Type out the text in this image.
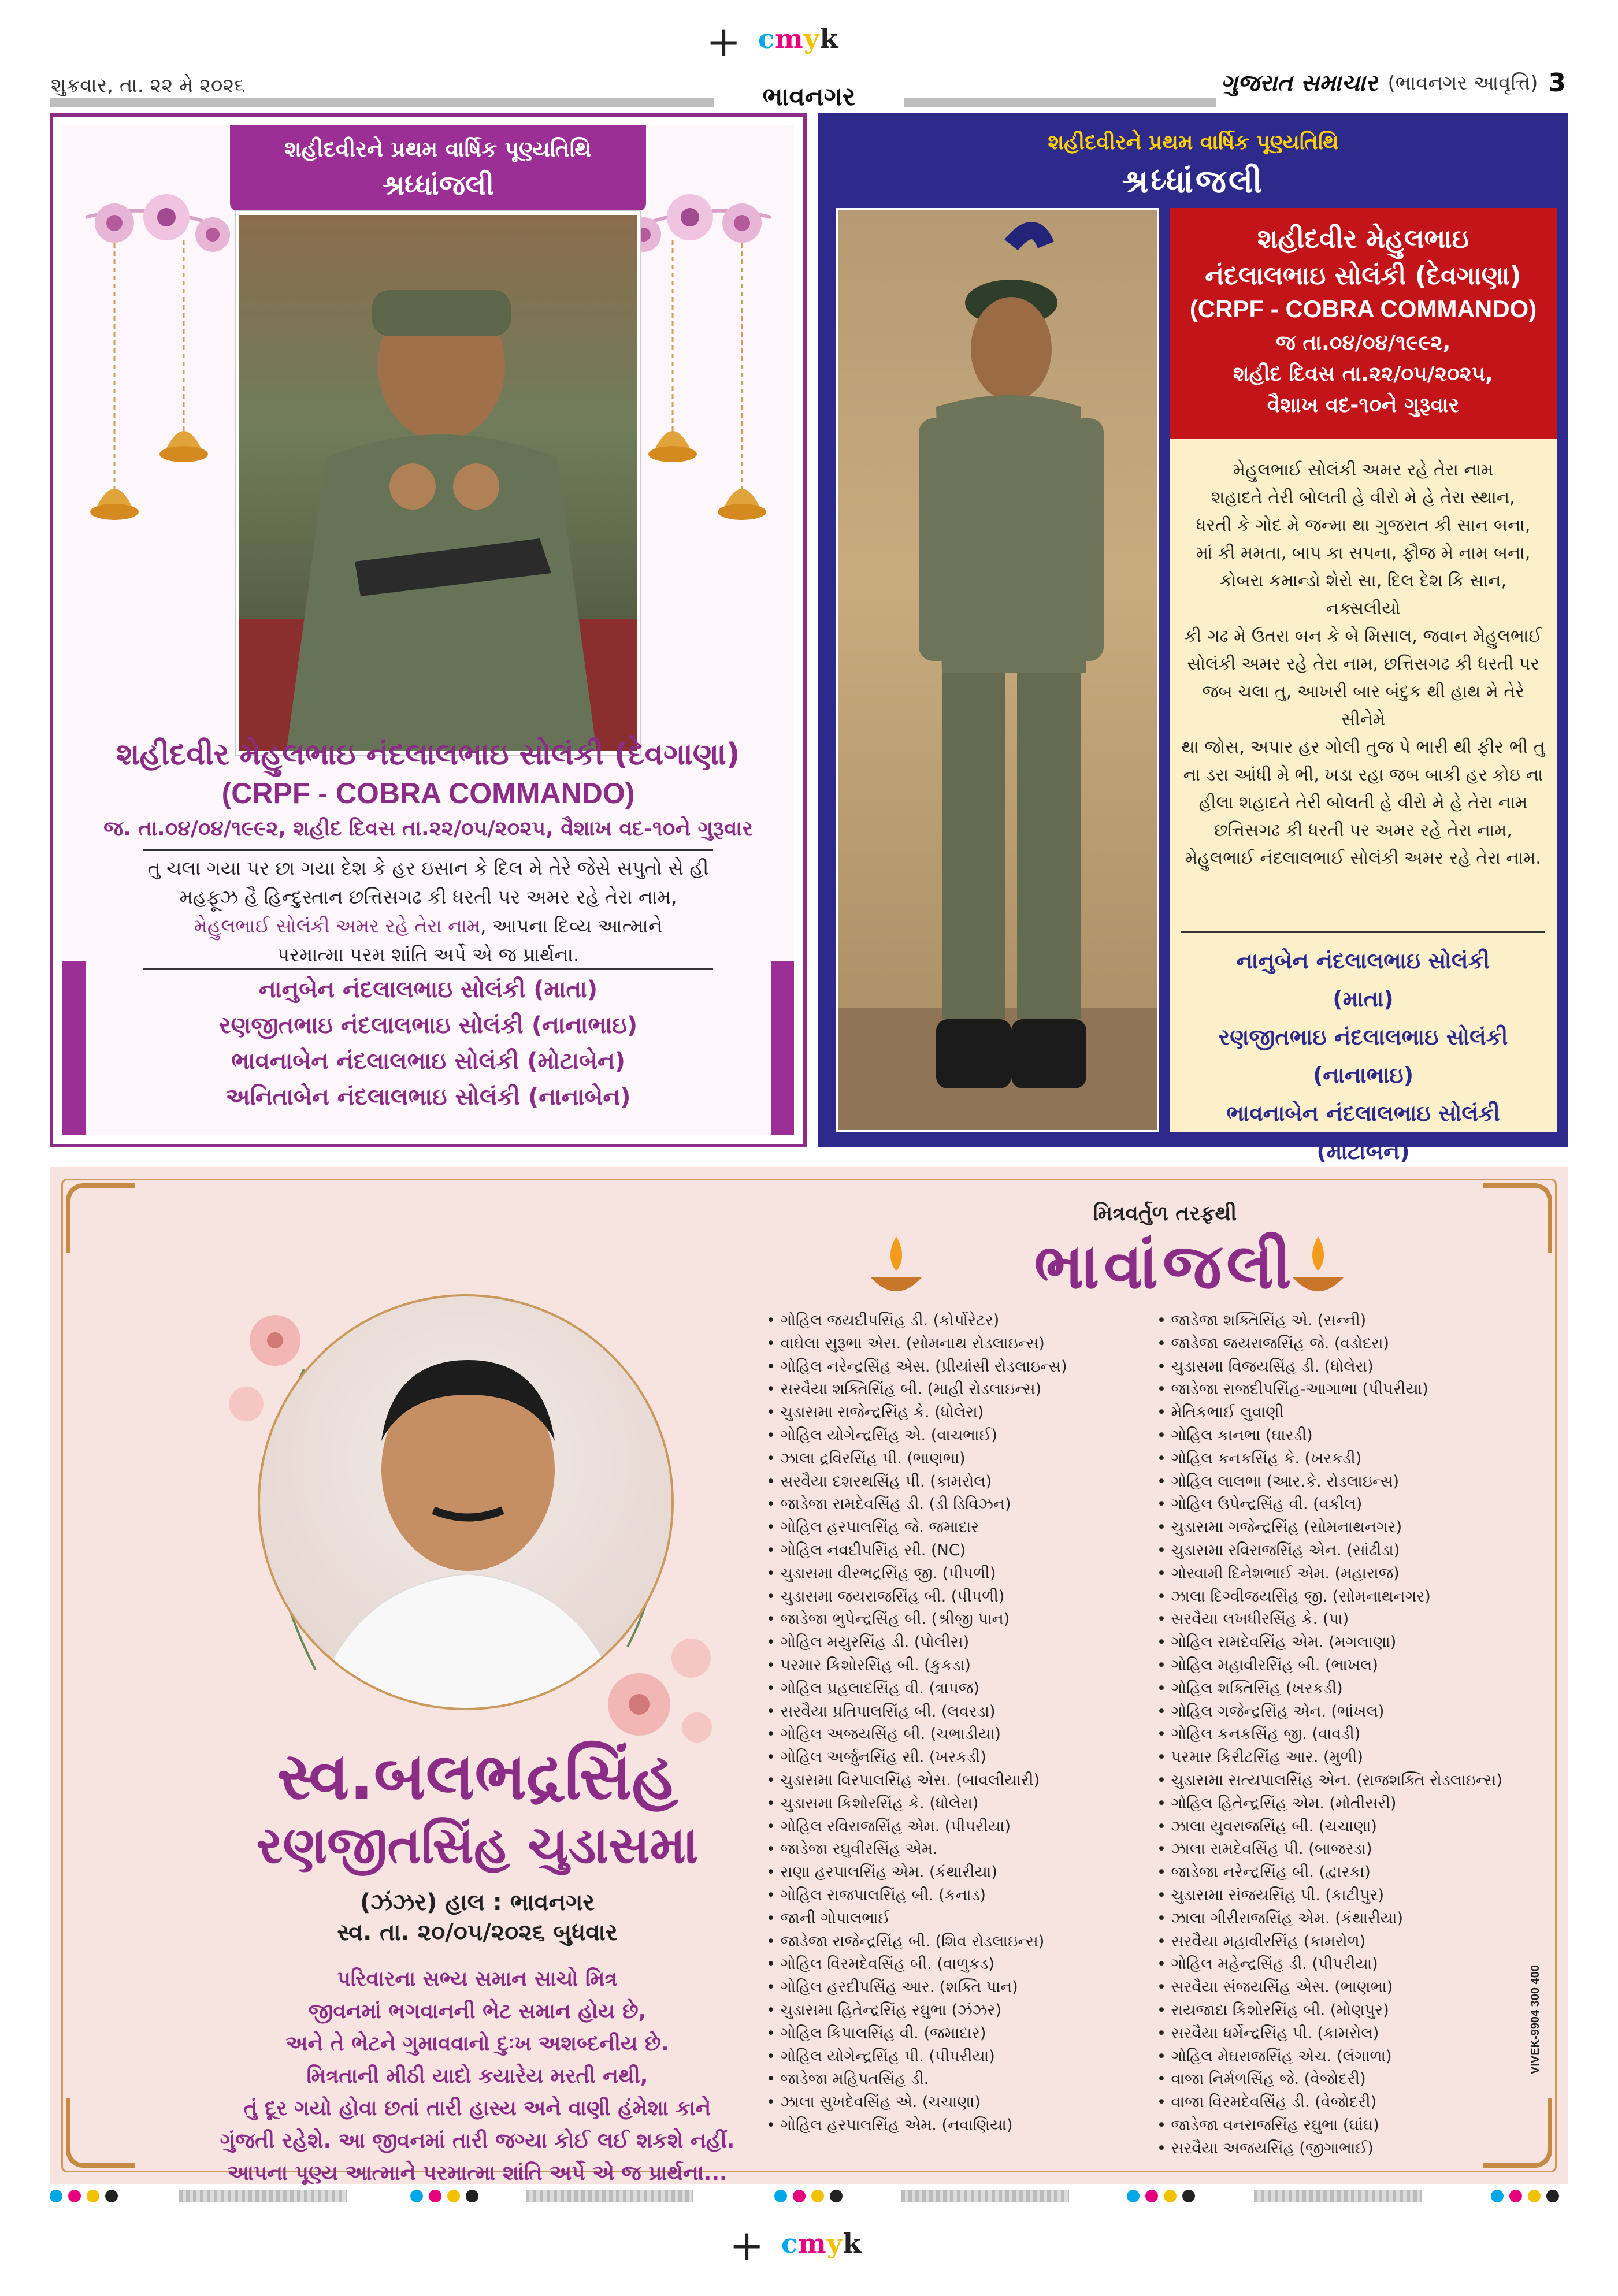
+ cmyk
શુક્રવાર, તા. ૨૨ મે ૨૦૨૬	ભાવનગર	ગુજરાત સમાચાર (ભાવનગર આવૃત્તિ) 3
શહીદવીરને પ્રથમ વાર્ષિક પૂણ્યતિથિ
શ્રધ્ધાંજલી
શહીદવીર મેહુલભાઇ નંદલાલભાઇ સોલંકી (દેવગાણા)
(CRPF - COBRA COMMANDO)
જ. તા.૦૪/૦૪/૧૯૯૨, શહીદ દિવસ તા.૨૨/૦૫/૨૦૨૫, વૈશાખ વદ-૧૦ને ગુરૂવાર
તુ ચલા ગયા પર છા ગયા દેશ કે હર ઇસાન કે દિલ મે તેરે જેસે સપુતો સે હી
મહફૂઝ હૈ હિન્દુસ્તાન છત્તિસગઢ કી ધરતી પર અમર રહે તેરા નામ,
મેહુલભાઈ સોલંકી અમર રહે તેરા નામ, આપના દિવ્ય આત્માને
પરમાત્મા પરમ શાંતિ અર્પે એ જ પ્રાર્થના.
નાનુબેન નંદલાલભાઇ સોલંકી (માતા)
રણજીતભાઇ નંદલાલભાઇ સોલંકી (નાનાભાઇ)
ભાવનાબેન નંદલાલભાઇ સોલંકી (મોટાબેન)
અનિતાબેન નંદલાલભાઇ સોલંકી (નાનાબેન)
શહીદવીરને પ્રથમ વાર્ષિક પૂણ્યતિથિ
શ્રધ્ધાંજલી
શહીદવીર મેહુલભાઇ
નંદલાલભાઇ સોલંકી (દેવગાણા)
(CRPF - COBRA COMMANDO)
જ તા.૦૪/૦૪/૧૯૯૨,
શહીદ દિવસ તા.૨૨/૦૫/૨૦૨૫,
વૈશાખ વદ-૧૦ને ગુરૂવાર
મેહુલભાઈ સોલંકી અમર રહે તેરા નામ
શહાદતે તેરી બોલતી હે વીરો મે હે તેરા સ્થાન,
ધરતી કે ગોદ મે જન્મા થા ગુજરાત કી સાન બના,
માં કી મમતા, બાપ કા સપના, ફૌજ મે નામ બના,
કોબરા કમાન્ડો શેરો સા, દિલ દેશ કિ સાન, નક્સલીયો
કી ગઢ મે ઉતરા બન કે બે મિસાલ, જવાન મેહુલભાઈ
સોલંકી અમર રહે તેરા નામ, છત્તિસગઢ કી ધરતી પર
જબ ચલા તુ, આખરી બાર બંદુક થી હાથ મે તેરે સીનેમે
થા જોસ, અપાર હર ગોલી તુજ પે ભારી થી ફીર ભી તુ
ના ડરા આંધી મે ભી, ખડા રહા જબ બાકી હર કોઇ ના
હીલા શહાદતે તેરી બોલતી હે વીરો મે હે તેરા નામ
છત્તિસગઢ કી ધરતી પર અમર રહે તેરા નામ,
મેહુલભાઈ નંદલાલભાઈ સોલંકી અમર રહે તેરા નામ.
નાનુબેન નંદલાલભાઇ સોલંકી
(માતા)
રણજીતભાઇ નંદલાલભાઇ સોલંકી
(નાનાભાઇ)
ભાવનાબેન નંદલાલભાઇ સોલંકી
(મોટાબેન)
સ્વ.બલભદ્રસિંહ
રણજીતસિંહ ચુડાસમા
(ઝંઝર) હાલ : ભાવનગર
સ્વ. તા. ૨૦/૦૫/૨૦૨૬ બુધવાર
પરિવારના સભ્ય સમાન સાચો મિત્ર
જીવનમાં ભગવાનની ભેટ સમાન હોય છે,
અને તે ભેટને ગુમાવવાનો દુઃખ અશબ્દનીય છે.
મિત્રતાની મીઠી યાદો કયારેય મરતી નથી,
તું દૂર ગયો હોવા છતાં તારી હાસ્ય અને વાણી હંમેશા કાને
ગુંજતી રહેશે. આ જીવનમાં તારી જગ્યા કોઈ લઈ શકશે નહીં.
આપના પૂણ્ય આત્માને પરમાત્મા શાંતિ અર્પે એ જ પ્રાર્થના...
મિત્રવર્તુળ તરફથી
ભાવાંજલી
• ગોહિલ જયદીપસિંહ ડી. (કોર્પોરેટર)
• વાઘેલા સુરૂભા એસ. (સોમનાથ રોડલાઇન્સ)
• ગોહિલ નરેન્દ્રસિંહ એસ. (પ્રીયાંસી રોડલાઇન્સ)
• સરવૈયા શક્તિસિંહ બી. (માહી રોડલાઇન્સ)
• ચુડાસમા રાજેન્દ્રસિંહ કે. (ધોલેરા)
• ગોહિલ યોગેન્દ્રસિંહ એ. (વાચભાઈ)
• ઝાલા દ્રવિરસિંહ પી. (ભાણભા)
• સરવૈયા દશરથસિંહ પી. (કામરોલ)
• જાડેજા રામદેવસિંહ ડી. (ડી ડિવિઝન)
• ગોહિલ હરપાલસિંહ જે. જમાદાર
• ગોહિલ નવદીપસિંહ સી. (NC)
• ચુડાસમા વીરભદ્રસિંહ જી. (પીપળી)
• ચુડાસમા જયરાજસિંહ બી. (પીપળી)
• જાડેજા ભુપેન્દ્રસિંહ બી. (શ્રીજી પાન)
• ગોહિલ મયુરસિંહ ડી. (પોલીસ)
• પરમાર કિશોરસિંહ બી. (કુકડા)
• ગોહિલ પ્રહલાદસિંહ વી. (ત્રાપજ)
• સરવૈયા પ્રતિપાલસિંહ બી. (લવરડા)
• ગોહિલ અજયસિંહ બી. (ચભાડીયા)
• ગોહિલ અર્જુનસિંહ સી. (ખરકડી)
• ચુડાસમા વિરપાલસિંહ એસ. (બાવલીયારી)
• ચુડાસમા કિશોરસિંહ કે. (ધોલેરા)
• ગોહિલ રવિરાજસિંહ એમ. (પીપરીયા)
• જાડેજા રઘુવીરસિંહ એમ.
• રાણા હરપાલસિંહ એમ. (કંથારીયા)
• ગોહિલ રાજપાલસિંહ બી. (કનાડ)
• જાની ગોપાલભાઈ
• જાડેજા રાજેન્દ્રસિંહ બી. (શિવ રોડલાઇન્સ)
• ગોહિલ વિરમદેવસિંહ બી. (વાળુકડ)
• ગોહિલ હરદીપસિંહ આર. (શક્તિ પાન)
• ચુડાસમા હિતેન્દ્રસિંહ રઘુભા (ઝંઝર)
• ગોહિલ કિપાલસિંહ વી. (જમાદાર)
• ગોહિલ યોગેન્દ્રસિંહ પી. (પીપરીયા)
• જાડેજા મહિપતસિંહ ડી.
• ઝાલા સુખદેવસિંહ એ. (ચચાણા)
• ગોહિલ હરપાલસિંહ એમ. (નવાણિયા)
• જાડેજા શક્તિસિંહ એ. (સન્ની)
• જાડેજા જયરાજસિંહ જે. (વડોદરા)
• ચુડાસમા વિજયસિંહ ડી. (ધોલેરા)
• જાડેજા રાજદીપસિંહ-આગાભા (પીપરીયા)
• મેતિકભાઈ લુવાણી
• ગોહિલ કાનભા (ઘારડી)
• ગોહિલ કનકસિંહ કે. (ખરકડી)
• ગોહિલ લાલભા (આર.કે. રોડલાઇન્સ)
• ગોહિલ ઉપેન્દ્રસિંહ વી. (વકીલ)
• ચુડાસમા ગજેન્દ્રસિંહ (સોમનાથનગર)
• ચુડાસમા રવિરાજસિંહ એન. (સાંઢીડા)
• ગોસ્વામી દિનેશભાઈ એમ. (મહારાજ)
• ઝાલા દિગ્વીજયસિંહ જી. (સોમનાથનગર)
• સરવૈયા લખધીરસિંહ કે. (પા)
• ગોહિલ રામદેવસિંહ એમ. (મગલાણા)
• ગોહિલ મહાવીરસિંહ બી. (ભાખલ)
• ગોહિલ શક્તિસિંહ (ખરકડી)
• ગોહિલ ગજેન્દ્રસિંહ એન. (ભાંખલ)
• ગોહિલ કનકસિંહ જી. (વાવડી)
• પરમાર કિરીટસિંહ આર. (મુળી)
• ચુડાસમા સત્યપાલસિંહ એન. (રાજશક્તિ રોડલાઇન્સ)
• ગોહિલ હિતેન્દ્રસિંહ એમ. (મોતીસરી)
• ઝાલા યુવરાજસિંહ બી. (ચચાણા)
• ઝાલા રામદેવસિંહ પી. (બાજરડા)
• જાડેજા નરેન્દ્રસિંહ બી. (દ્વારકા)
• ચુડાસમા સંજયસિંહ પી. (કાટીપુર)
• ઝાલા ગીરીરાજસિંહ એમ. (કંથારીયા)
• સરવૈયા મહાવીરસિંહ (કામરોળ)
• ગોહિલ મહેન્દ્રસિંહ ડી. (પીપરીયા)
• સરવૈયા સંજયસિંહ એસ. (ભાણભા)
• રાયજાદા કિશોરસિંહ બી. (મોણપુર)
• સરવૈયા ધર્મેન્દ્રસિંહ પી. (કામરોલ)
• ગોહિલ મેઘરાજસિંહ એચ. (લંગાળા)
• વાજા નિર્મળસિંહ જે. (વેજોદરી)
• વાજા વિરમદેવસિંહ ડી. (વેજોદરી)
• જાડેજા વનરાજસિંહ રઘુભા (ઘાંઘ)
• સરવૈયા અજયસિંહ (જીગાભાઈ)
VIVEK-9904 300 400
+ cmyk
